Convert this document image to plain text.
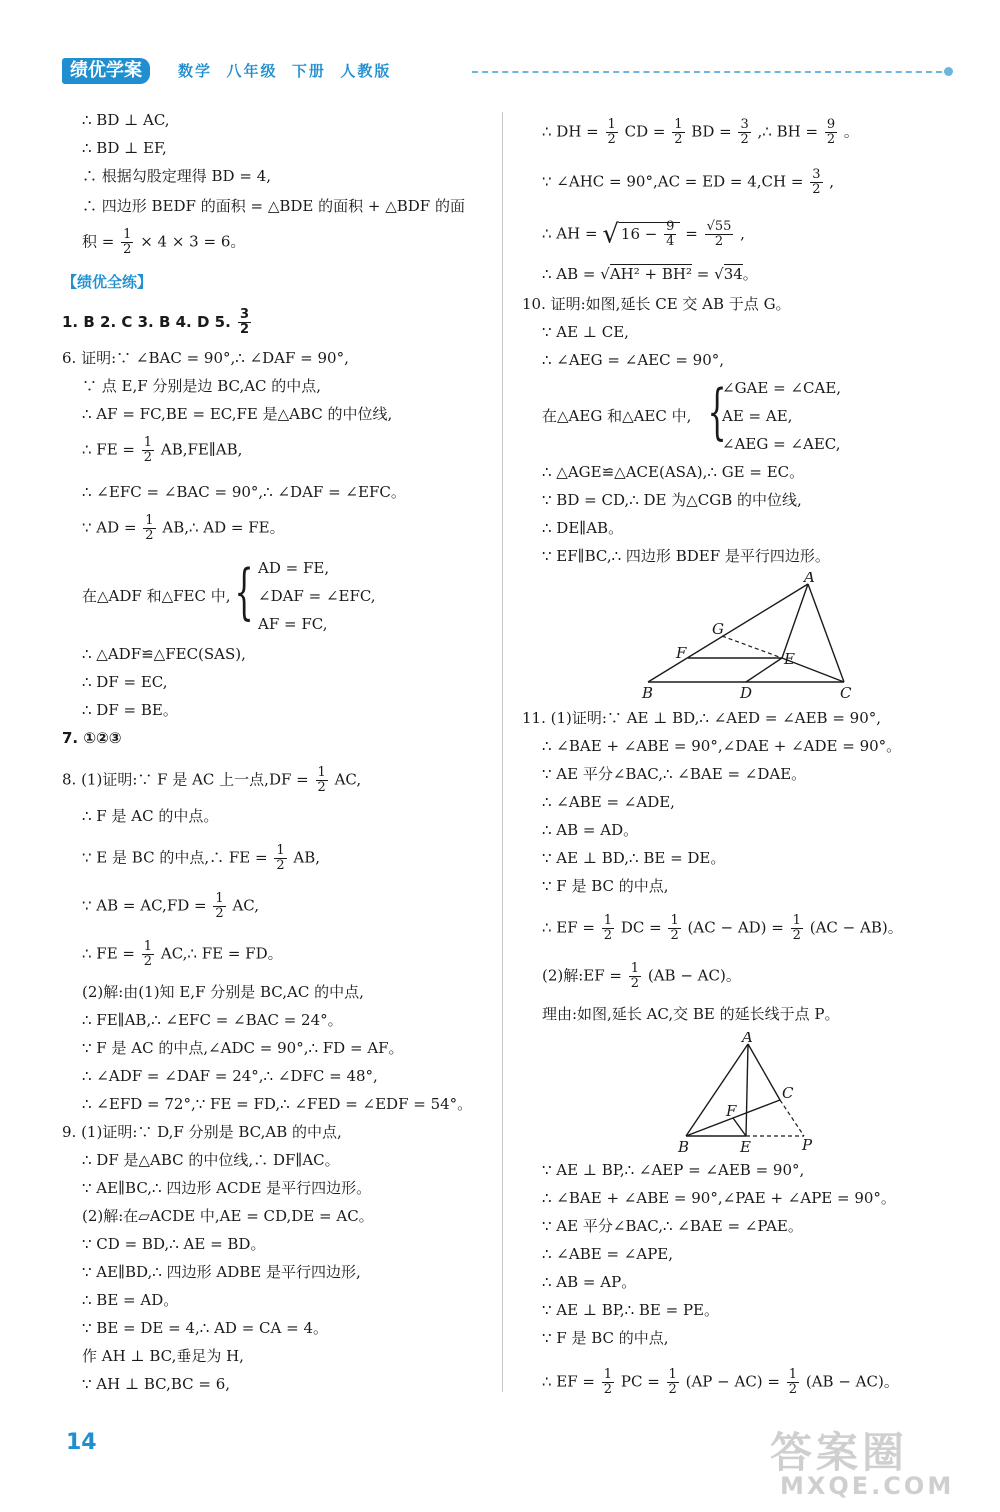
绩优学案	数学  八年级  下册  人教版
∴ BD ⊥ AC,
∴ BD ⊥ EF,
∴ 根据勾股定理得 BD = 4,
∴ 四边形 BEDF 的面积 = △BDE 的面积 + △BDF 的面
积 = $\frac{1}{2} \times 4 \times 3 = 6$。
【绩优全练】
1. B 2. C 3. B 4. D 5. $\frac{3}{2}$
6. 证明:∵ ∠BAC = 90°,∴ ∠DAF = 90°,
∵ 点 E,F 分别是边 BC,AC 的中点,
∴ AF = FC,BE = EC,FE 是△ABC 的中位线,
∴ FE = $\frac{1}{2}$ AB,FE∥AB,
∴ ∠EFC = ∠BAC = 90°,∴ ∠DAF = ∠EFC。
∵ AD = $\frac{1}{2}$ AB,∴ AD = FE。
在△ADF 和△FEC 中, { AD = FE,
∠DAF = ∠EFC,
AF = FC,
∴ △ADF≌△FEC(SAS),
∴ DF = EC,
∴ DF = BE。
7. ①②③
8. (1)证明:∵ F 是 AC 上一点$,DF = \frac{1}{2}$ AC,
∴ F 是 AC 的中点。
∵ E 是 BC 的中点,∴ FE = $\frac{1}{2}$ AB,
∵ AB = $AC,FD = \frac{1}{2}$ AC,
∴ FE = $\frac{1}{2}$ AC,∴ FE = FD。
(2)解:由(1)知 E,F 分别是 BC,AC 的中点,
∴ FE∥AB,∴ ∠EFC = ∠BAC = 24°。
∵ F 是 AC 的中点,∠ADC = 90°,∴ FD = AF。
∴ ∠ADF = ∠DAF = 24°,∴ ∠DFC = 48°,
∴ ∠EFD = 72°,∵ FE = FD,∴ ∠FED = ∠EDF = 54°。
9. (1)证明:∵ D,F 分别是 BC,AB 的中点,
∴ DF 是△ABC 的中位线,∴ DF∥AC。
∵ AE∥BC,∴ 四边形 ACDE 是平行四边形。
(2)解:在▱ACDE 中,AE = CD,DE = AC。
∵ CD = BD,∴ AE = BD。
∵ AE∥BD,∴ 四边形 ADBE 是平行四边形,
∴ BE = AD。
∵ BE = DE = 4,∴ AD = CA = 4。
作 AH ⊥ BC,垂足为 H,
∵ AH ⊥ BC,BC = 6,
∴ DH = $\frac{1}{2}$ CD = $\frac{1}{2}$ BD = $\frac{3}{2}$ ,∴ BH = $\frac{9}{2}$ 。
∵ ∠AHC = 90°,AC = ED = $4,CH = \frac{3}{2}$ ,
∴ AH = √ $16 - \frac{9}{4} = \frac{√55}{2}$ ,
∴ AB = √AH² + BH² = √34。
10. 证明:如图,延长 CE 交 AB 于点 G。
∵ AE ⊥ CE,
∴ ∠AEG = ∠AEC = 90°,
在△AEG 和△AEC 中, {
∠GAE = ∠CAE,
AE = AE,
∠AEG = ∠AEC,
∴ △AGE≌△ACE(ASA),∴ GE = EC。
∵ BD = CD,∴ DE 为△CGB 的中位线,
∴ DE∥AB。
∵ EF∥BC,∴ 四边形 BDEF 是平行四边形。
A
G
F	E
B	D	C
11. (1)证明:∵ AE ⊥ BD,∴ ∠AED = ∠AEB = 90°,
∴ ∠BAE + ∠ABE = 90°,∠DAE + ∠ADE = 90°。
∵ AE 平分∠BAC,∴ ∠BAE = ∠DAE。
∴ ∠ABE = ∠ADE,
∴ AB = AD。
∵ AE ⊥ BD,∴ BE = DE。
∵ F 是 BC 的中点,
∴ EF = $\frac{1}{2}$ DC = $\frac{1}{2} (AC - AD) = \frac{1}{2} (AC - AB)$。
(2)解:EF = $\frac{1}{2} (AB - AC)$。
理由:如图,延长 AC,交 BE 的延长线于点 P。
A
C
F
B	E	P
∵ AE ⊥ BP,∴ ∠AEP = ∠AEB = 90°,
∴ ∠BAE + ∠ABE = 90°,∠PAE + ∠APE = 90°。
∵ AE 平分∠BAC,∴ ∠BAE = ∠PAE。
∴ ∠ABE = ∠APE,
∴ AB = AP。
∵ AE ⊥ BP,∴ BE = PE。
∵ F 是 BC 的中点,
∴ EF = $\frac{1}{2}$ PC = $\frac{1}{2} (AP - AC) = \frac{1}{2} (AB - AC)$。
14	答案圈
MXQE.COM
